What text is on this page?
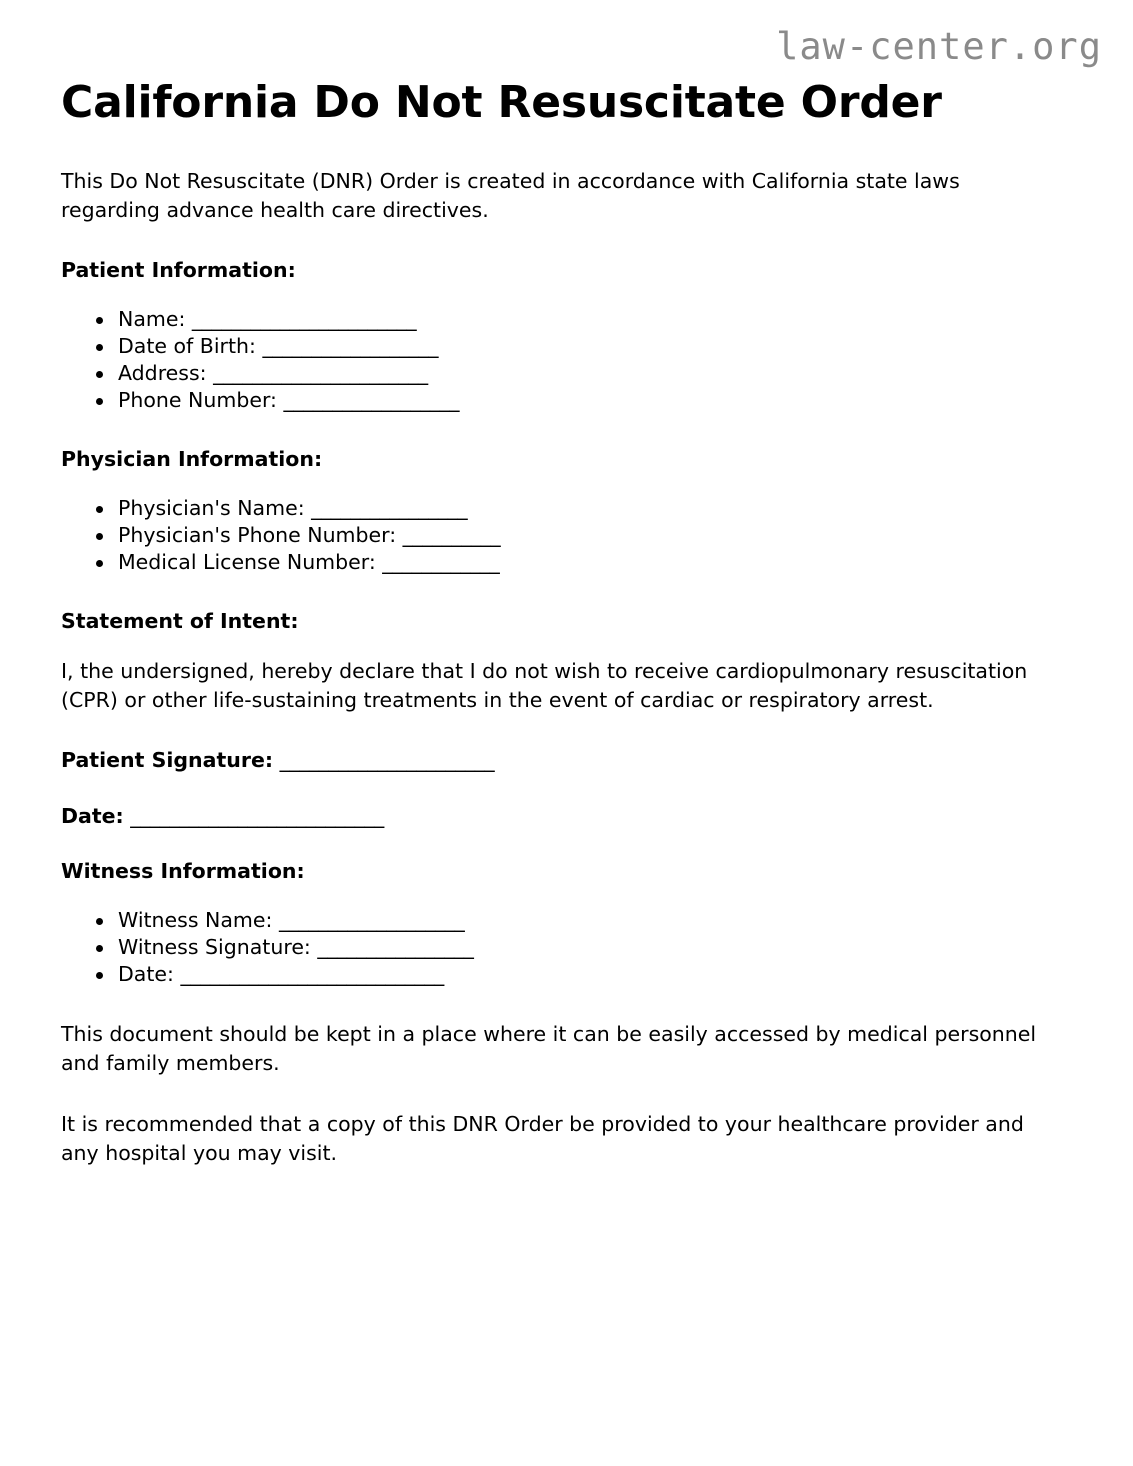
law-center.org
California Do Not Resuscitate Order

This Do Not Resuscitate (DNR) Order is created in accordance with California state laws regarding advance health care directives.

Patient Information:
Name: _______________________
Date of Birth: __________________
Address: ______________________
Phone Number: __________________
Physician Information:
Physician's Name: ________________
Physician's Phone Number: __________
Medical License Number: ____________
Statement of Intent:

I, the undersigned, hereby declare that I do not wish to receive cardiopulmonary resuscitation (CPR) or other life-sustaining treatments in the event of cardiac or respiratory arrest.

Patient Signature: ______________________

Date: __________________________

Witness Information:
Witness Name: ___________________
Witness Signature: ________________
Date: ___________________________

This document should be kept in a place where it can be easily accessed by medical personnel and family members.

It is recommended that a copy of this DNR Order be provided to your healthcare provider and any hospital you may visit.
